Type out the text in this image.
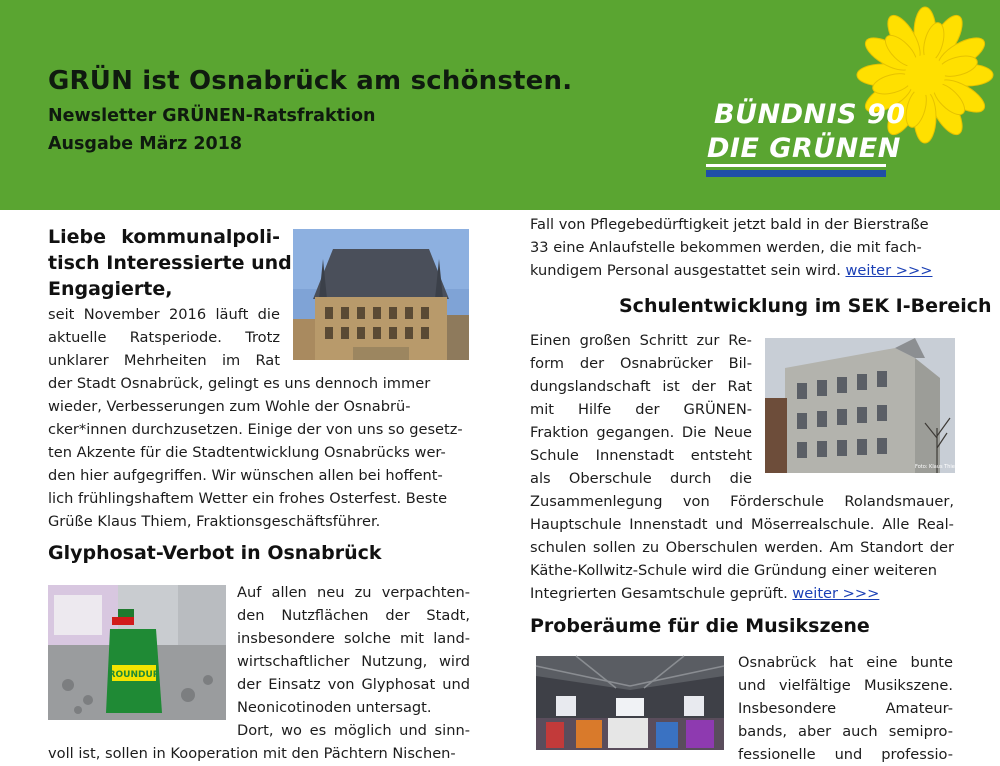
GRÜN ist Osnabrück am schönsten.
Newsletter GRÜNEN-Ratsfraktion
Ausgabe März 2018
BÜNDNIS 90
DIE GRÜNEN
Liebe kommunalpoli-
tisch Interessierte und
Engagierte,
seit November 2016 läuft die
aktuelle Ratsperiode. Trotz
unklarer Mehrheiten im Rat
der Stadt Osnabrück, gelingt es uns dennoch immer
wieder, Verbesserungen zum Wohle der Osnabrü-
cker*innen durchzusetzen. Einige der von uns so gesetz-
ten Akzente für die Stadtentwicklung Osnabrücks wer-
den hier aufgegriffen. Wir wünschen allen bei hoffent-
lich frühlingshaftem Wetter ein frohes Osterfest. Beste
Grüße Klaus Thiem, Fraktionsgeschäftsführer.
Glyphosat-Verbot in Osnabrück
ROUNDUP
Auf allen neu zu verpachten-
den Nutzflächen der Stadt,
insbesondere solche mit land-
wirtschaftlicher Nutzung, wird
der Einsatz von Glyphosat und
Neonicotinoden untersagt.
Dort, wo es möglich und sinn-
voll ist, sollen in Kooperation mit den Pächtern Nischen-
Fall von Pflegebedürftigkeit jetzt bald in der Bierstraße
33 eine Anlaufstelle bekommen werden, die mit fach-
kundigem Personal ausgestattet sein wird. weiter >>>
Schulentwicklung im SEK I-Bereich
Einen großen Schritt zur Re-
form der Osnabrücker Bil-
dungslandschaft ist der Rat
mit Hilfe der GRÜNEN-
Fraktion gegangen. Die Neue
Schule Innenstadt entsteht
als Oberschule durch die
Foto: Klaus Thiem
Zusammenlegung von Förderschule Rolandsmauer,
Hauptschule Innenstadt und Möserrealschule. Alle Real-
schulen sollen zu Oberschulen werden. Am Standort der
Käthe-Kollwitz-Schule wird die Gründung einer weiteren
Integrierten Gesamtschule geprüft. weiter >>>
Proberäume für die Musikszene
Osnabrück hat eine bunte
und vielfältige Musikszene.
Insbesondere	Amateur-
bands, aber auch semipro-
fessionelle und professio-
